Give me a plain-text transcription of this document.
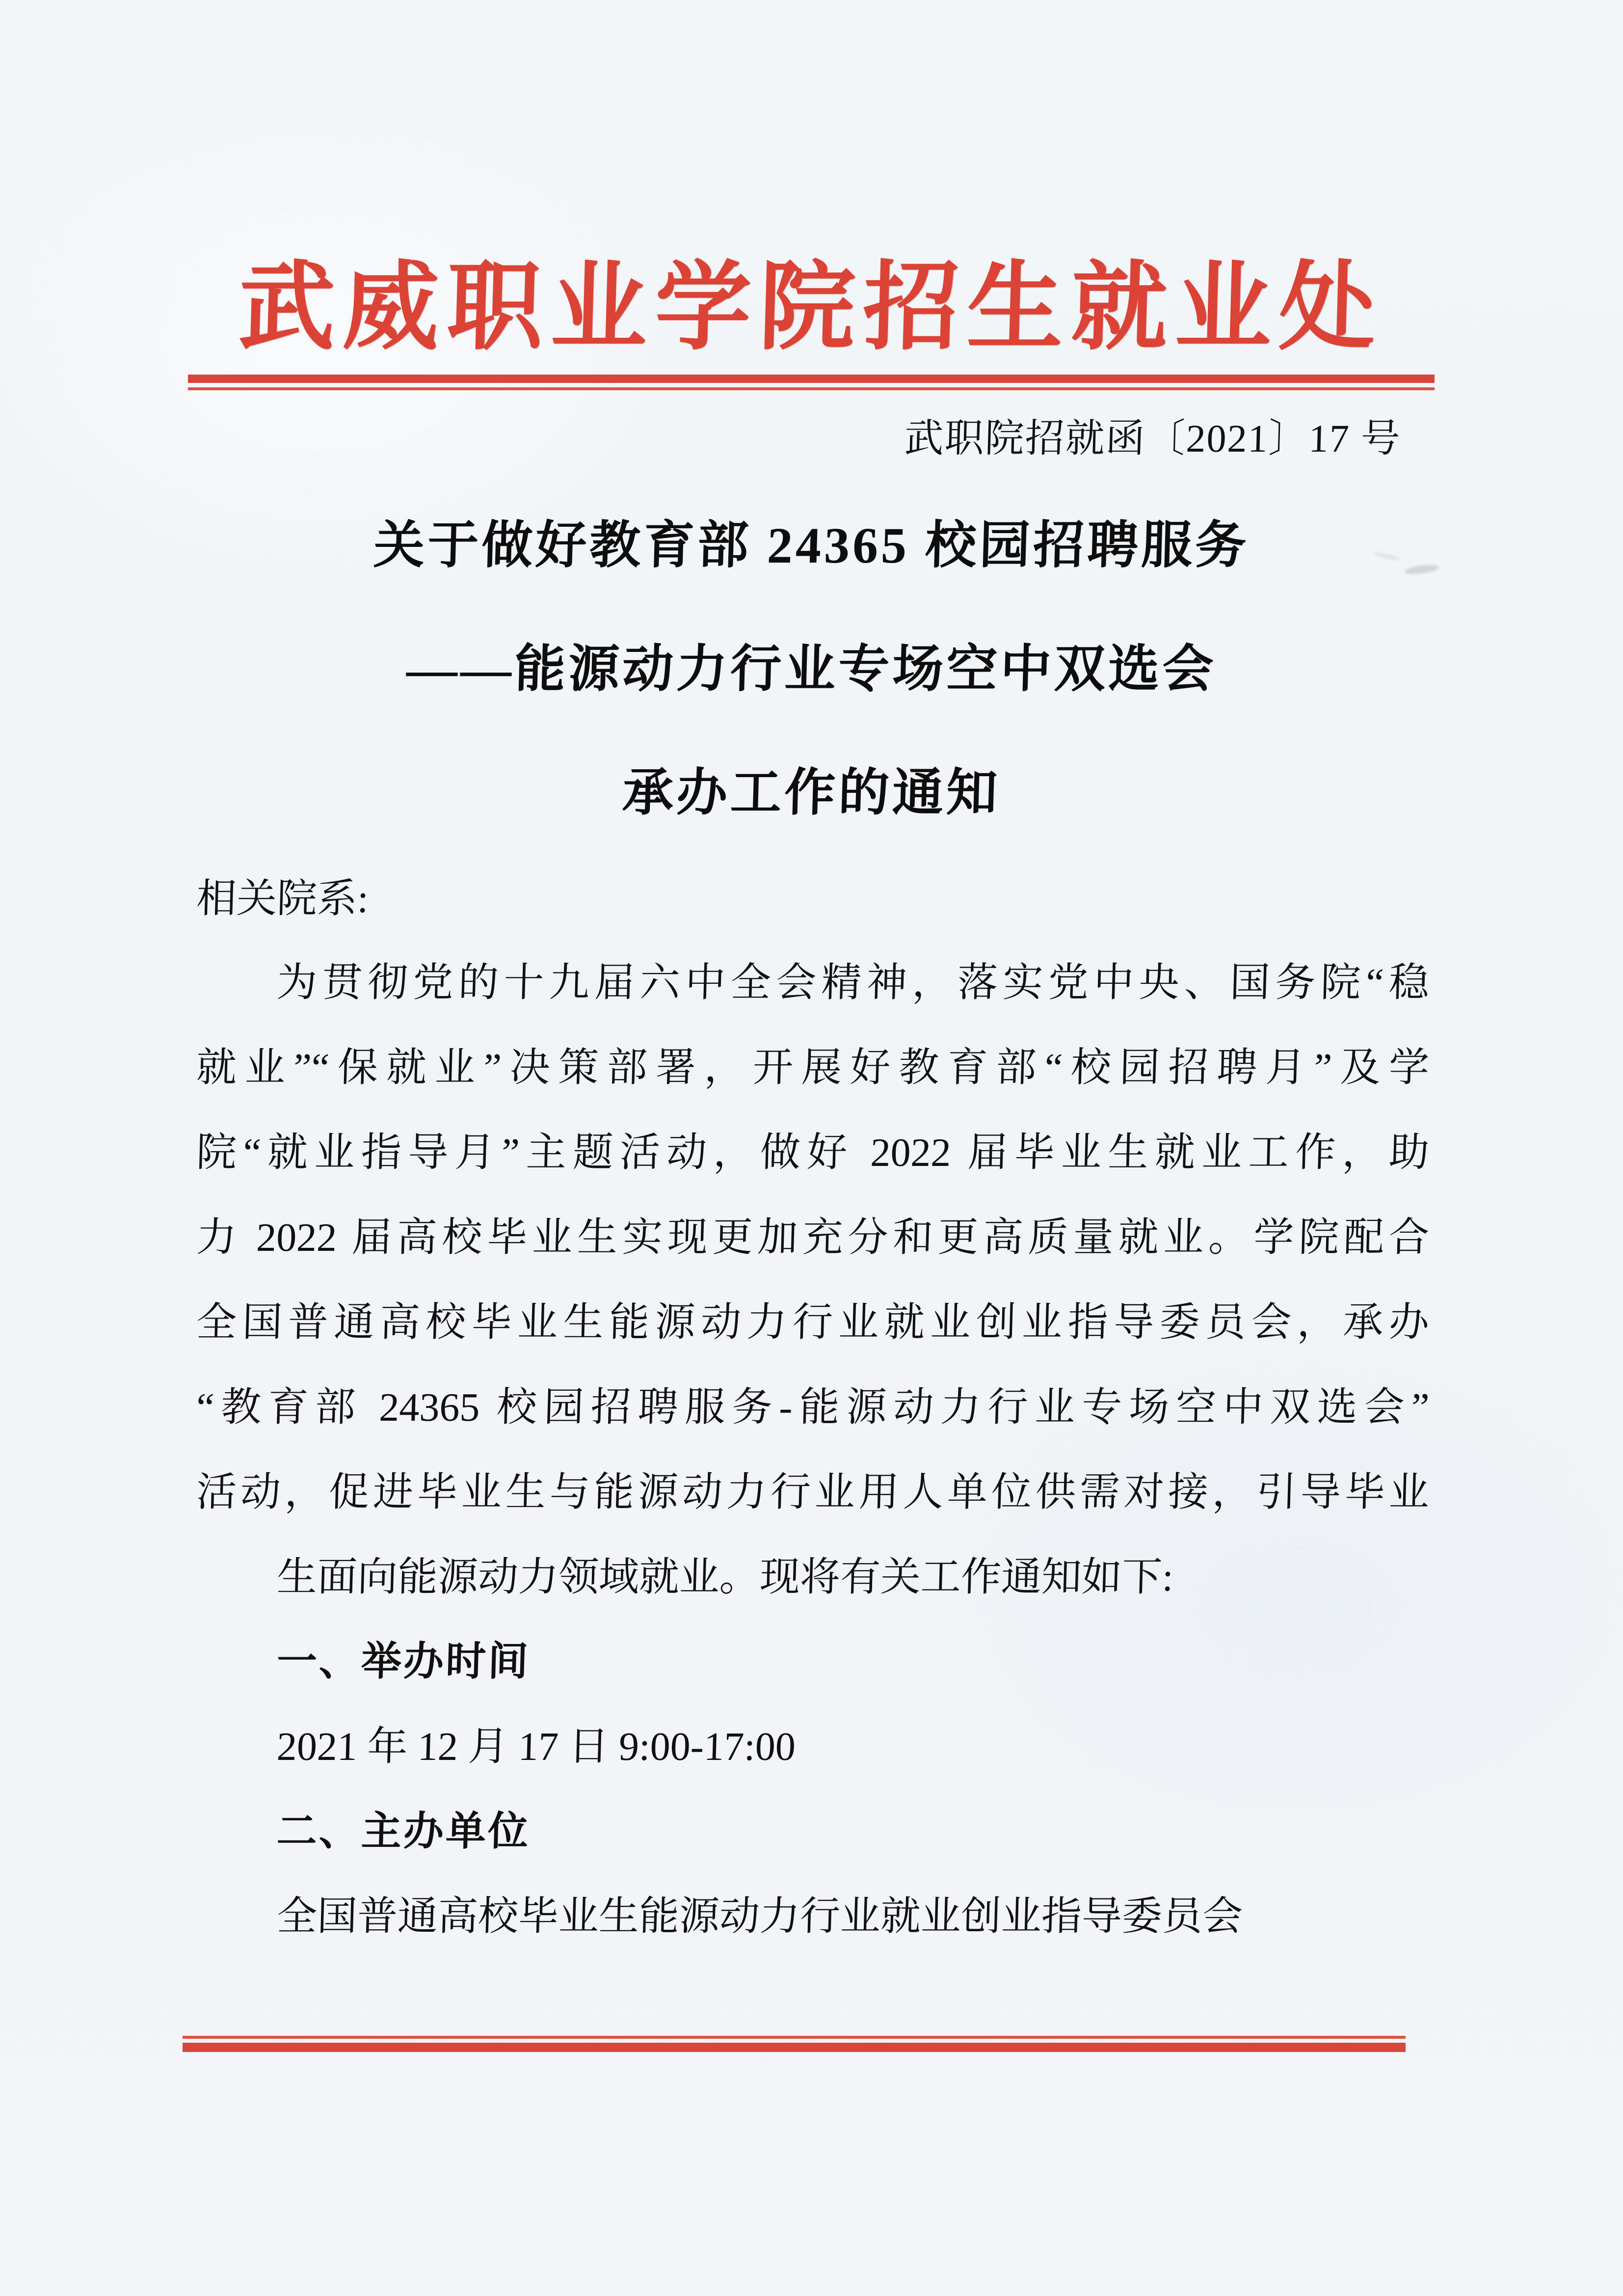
武威职业学院招生就业处
武职院招就函〔2021〕17 号
关于做好教育部 24365 校园招聘服务
——能源动力行业专场空中双选会
承办工作的通知
相关院系:
为贯彻党的十九届六中全会精神，落实党中央、国务院“稳
就业”“保就业”决策部署，开展好教育部“校园招聘月”及学
院“就业指导月”主题活动，做好 2022 届毕业生就业工作，助
力 2022 届高校毕业生实现更加充分和更高质量就业。学院配合
全国普通高校毕业生能源动力行业就业创业指导委员会，承办
“教育部 24365 校园招聘服务-能源动力行业专场空中双选会”
活动，促进毕业生与能源动力行业用人单位供需对接，引导毕业
生面向能源动力领域就业。现将有关工作通知如下:
一、举办时间
2021 年 12 月 17 日 9:00-17:00
二、主办单位
全国普通高校毕业生能源动力行业就业创业指导委员会
